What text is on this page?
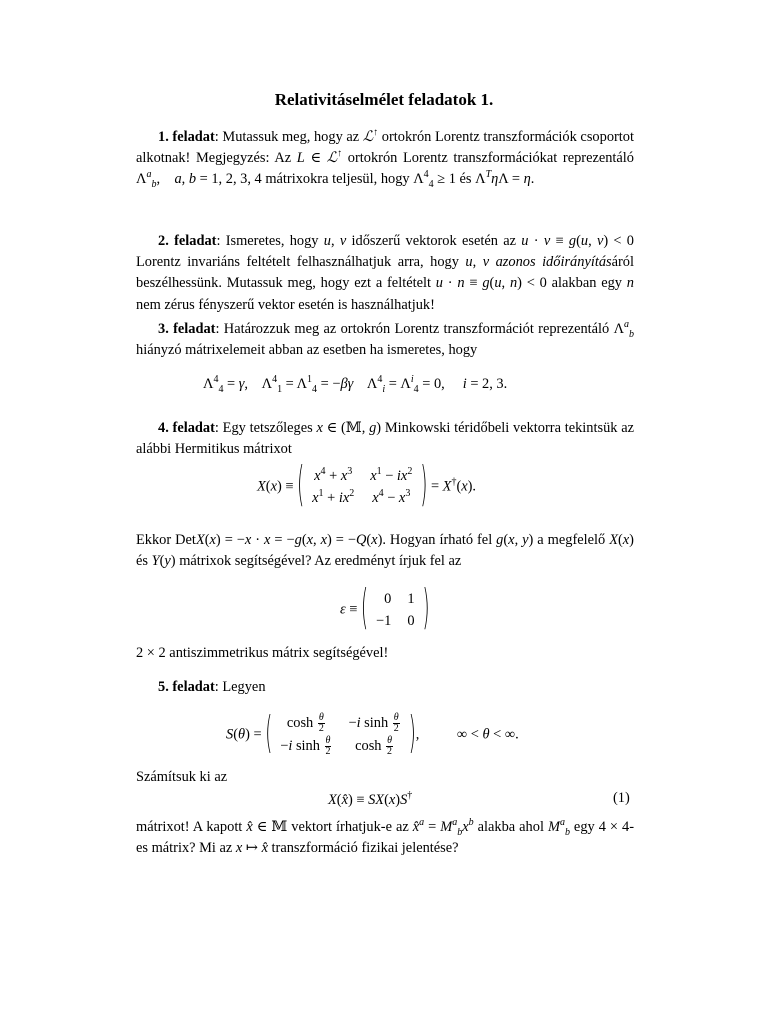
Relativitáselmélet feladatok 1.
1. feladat: Mutassuk meg, hogy az ℒ↑ ortokrón Lorentz transzformációk csoportot alkotnak! Megjegyzés: Az L ∈ ℒ↑ ortokrón Lorentz transzformációkat reprezentáló $\Lambda^a_b$,    a, b = 1, 2, 3, 4 mátrixokra teljesül, hogy $\Lambda^4_4 \ge 1$ és $\Lambda^T\eta\Lambda = \eta$.
2. feladat: Ismeretes, hogy u, v időszerű vektorok esetén az u · v ≡ g(u, v) < 0 Lorentz invariáns feltételt felhasználhatjuk arra, hogy u, v azonos időirányításáról beszélhessünk. Mutassuk meg, hogy ezt a feltételt u · n ≡ g(u, n) < 0 alakban egy n nem zérus fényszerű vektor esetén is használhatjuk!
3. feladat: Határozzuk meg az ortokrón Lorentz transzformációt reprezentáló $\Lambda^a_b$ hiányzó mátrixelemeit abban az esetben ha ismeretes, hogy
$\Lambda^4_4 = \gamma$,    $\Lambda^4_1 = \Lambda^1_4 = -\beta\gamma$    $\Lambda^4_i = \Lambda^i_4 = 0$,     i = 2, 3.
4. feladat: Egy tetszőleges x ∈ (𝕄, g) Minkowski téridőbeli vektorra tekintsük az alábbi Hermitikus mátrixot
X(x) ≡ ( $x^4 + x^3$	$x^1 - ix^2$
$x^1 + ix^2$	$x^4 - x^3$ ) = X†(x).
Ekkor DetX(x) = −x · x = −g(x, x) = −Q(x). Hogyan írható fel g(x, y) a megfelelő X(x) és Y(y) mátrixok segítségével? Az eredményt írjuk fel az
ε ≡ ( 0	1
−1	0 )
2 × 2 antiszimmetrikus mátrix segítségével!
5. feladat: Legyen
S(θ) = ( $\cosh \frac{\theta}{2}$	−i $\sinh \frac{\theta}{2}$

−i $\sinh \frac{\theta}{2}$	$\cosh \frac{\theta}{2}$ ) , ∞ < θ < ∞.
Számítsuk ki az
X(x̂) ≡ SX(x)S†	(1)
mátrixot! A kapott x̂ ∈ 𝕄 vektort írhatjuk-e az x̂$^a$ = $M^a_bx^b$ alakba ahol $M^a_b$ egy 4 × 4-es mátrix? Mi az x ↦ x̂ transzformáció fizikai jelentése?
